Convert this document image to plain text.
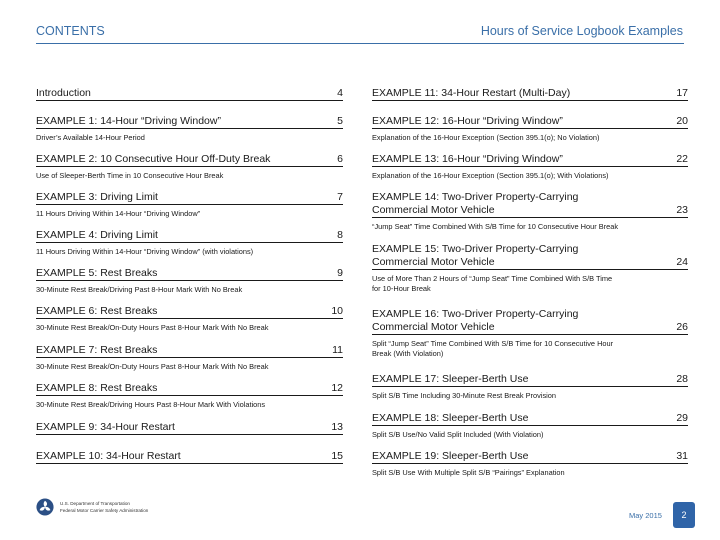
CONTENTS	Hours of Service Logbook Examples
Introduction	4
EXAMPLE 1: 14-Hour “Driving Window”	5
Driver’s Available 14-Hour Period
EXAMPLE 2: 10 Consecutive Hour Off-Duty Break	6
Use of Sleeper-Berth Time in 10 Consecutive Hour Break
EXAMPLE 3: Driving Limit	7
11 Hours Driving Within 14-Hour “Driving Window”
EXAMPLE 4: Driving Limit	8
11 Hours Driving Within 14-Hour “Driving Window” (with violations)
EXAMPLE 5: Rest Breaks	9
30-Minute Rest Break/Driving Past 8-Hour Mark With No Break
EXAMPLE 6: Rest Breaks	10
30-Minute Rest Break/On-Duty Hours Past 8-Hour Mark With No Break
EXAMPLE 7: Rest Breaks	11
30-Minute Rest Break/On-Duty Hours Past 8-Hour Mark With No Break
EXAMPLE 8: Rest Breaks	12
30-Minute Rest Break/Driving Hours Past 8-Hour Mark With Violations
EXAMPLE 9: 34-Hour Restart	13
EXAMPLE 10: 34-Hour Restart	15
EXAMPLE 11: 34-Hour Restart (Multi-Day)	17
EXAMPLE 12: 16-Hour “Driving Window”	20
Explanation of the 16-Hour Exception (Section 395.1(o); No Violation)
EXAMPLE 13: 16-Hour “Driving Window”	22
Explanation of the 16-Hour Exception (Section 395.1(o); With Violations)
EXAMPLE 14: Two-Driver Property-Carrying Commercial Motor Vehicle	23
“Jump Seat” Time Combined With S/B Time for 10 Consecutive Hour Break
EXAMPLE 15: Two-Driver Property-Carrying Commercial Motor Vehicle	24
Use of More Than 2 Hours of “Jump Seat” Time Combined With S/B Time for 10-Hour Break
EXAMPLE 16: Two-Driver Property-Carrying Commercial Motor Vehicle	26
Split “Jump Seat” Time Combined With S/B Time for 10 Consecutive Hour Break (With Violation)
EXAMPLE 17: Sleeper-Berth Use	28
Split S/B Time Including 30-Minute Rest Break Provision
EXAMPLE 18: Sleeper-Berth Use	29
Split S/B Use/No Valid Split Included (With Violation)
EXAMPLE 19: Sleeper-Berth Use	31
Split S/B Use With Multiple Split S/B “Pairings” Explanation
U.S. Department of Transportation
Federal Motor Carrier Safety Administration
May 2015	2
